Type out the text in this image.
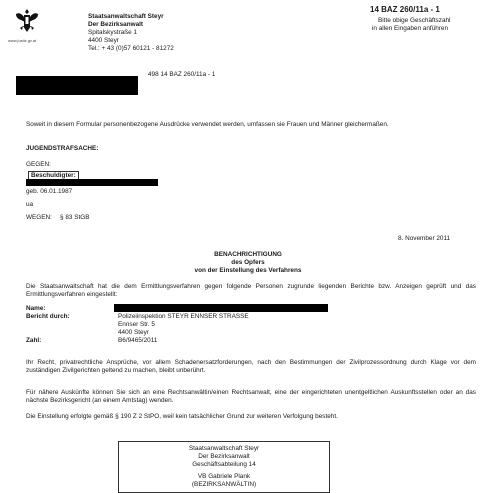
www.justiz.gv.at
Staatsanwaltschaft Steyr
Der Bezirksanwalt
Spitalskystraße 1
4400 Steyr
Tel.: + 43 (0)57 60121 - 81272
14 BAZ 260/11a - 1
Bitte obige Geschäftszahl
in allen Eingaben anführen
498 14 BAZ 260/11a - 1
Soweit in diesem Formular personenbezogene Ausdrücke verwendet werden, umfassen sie Frauen und Männer gleichermaßen.
JUGENDSTRAFSACHE:
GEGEN:
Beschuldigter:
geb. 06.01.1987
ua
WEGEN: § 83 StGB
8. November 2011
BENACHRICHTIGUNG
des Opfers
von der Einstellung des Verfahrens
Die Staatsanwaltschaft hat die dem Ermittlungsverfahren gegen folgende Personen zugrunde liegenden Berichte bzw. Anzeigen geprüft und das Ermittlungsverfahren eingestellt:
Name:
Bericht durch:	Polizeiinspektion STEYR ENNSER STRASSE
Ennser Str. 5
4400 Steyr
Zahl:	B6/9465/2011
Ihr Recht, privatrechtliche Ansprüche, vor allem Schadenersatzforderungen, nach den Bestimmungen der Zivilprozessordnung durch Klage vor dem zuständigen Zivilgerichten geltend zu machen, bleibt unberührt.
Für nähere Auskünfte können Sie sich an eine Rechtsanwältin/einen Rechtsanwalt, eine der eingerichteten unentgeltlichen Auskunftsstellen oder an das nächste Bezirksgericht (an einem Amtstag) wenden.
Die Einstellung erfolgte gemäß § 190 Z 2 StPO, weil kein tatsächlicher Grund zur weiteren Verfolgung besteht.
Staatsanwaltschaft Steyr
Der Bezirksanwalt
Geschäftsabteilung 14
VB Gabriele Plank
(BEZIRKSANWÄLTIN)
